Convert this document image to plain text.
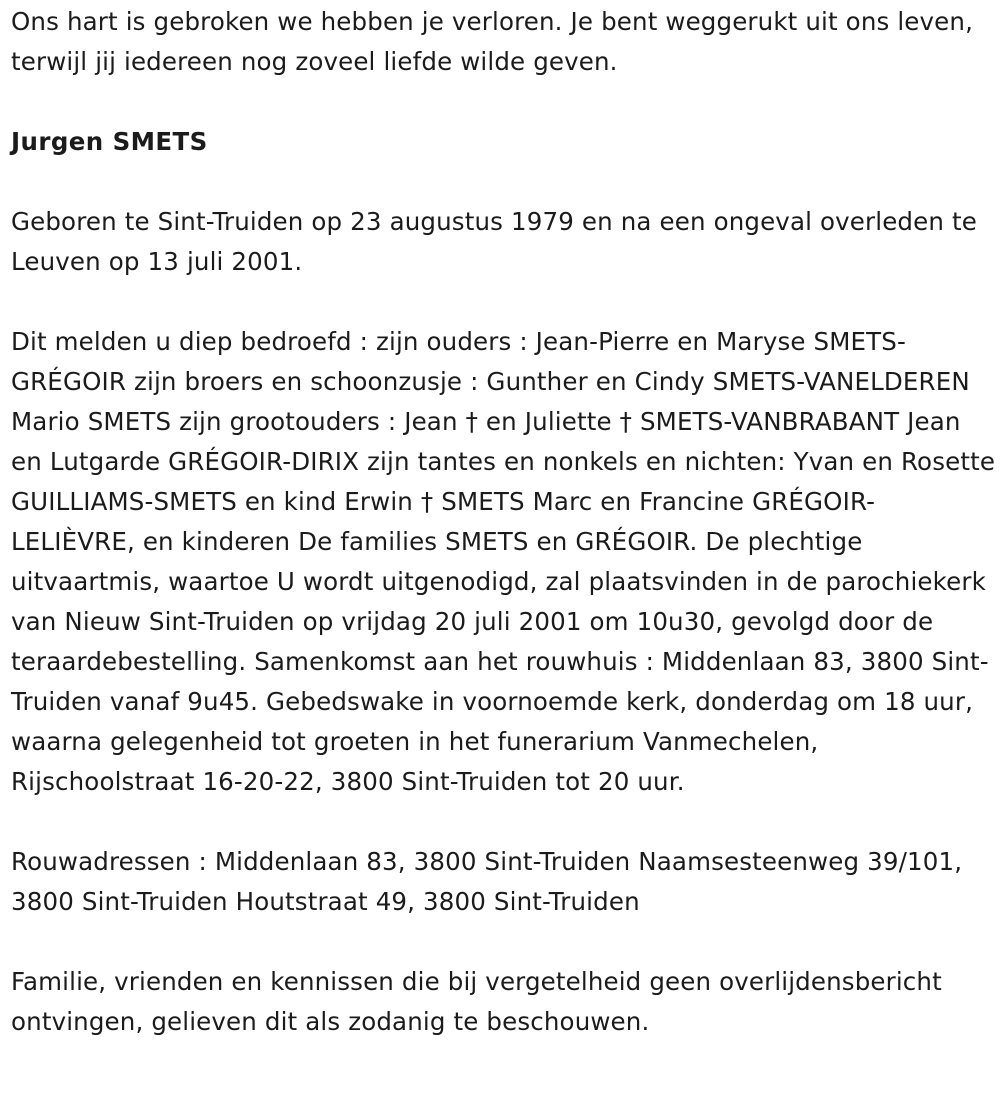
Ons hart is gebroken we hebben je verloren. Je bent weggerukt uit ons leven, terwijl jij iedereen nog zoveel liefde wilde geven.

Jurgen SMETS

Geboren te Sint-Truiden op 23 augustus 1979 en na een ongeval overleden te Leuven op 13 juli 2001.

Dit melden u diep bedroefd : zijn ouders : Jean-Pierre en Maryse SMETS-GRÉGOIR zijn broers en schoonzusje : Gunther en Cindy SMETS-VANELDEREN Mario SMETS zijn grootouders : Jean † en Juliette † SMETS-VANBRABANT Jean en Lutgarde GRÉGOIR-DIRIX zijn tantes en nonkels en nichten: Yvan en Rosette GUILLIAMS-SMETS en kind Erwin † SMETS Marc en Francine GRÉGOIR-LELIÈVRE, en kinderen De families SMETS en GRÉGOIR. De plechtige uitvaartmis, waartoe U wordt uitgenodigd, zal plaatsvinden in de parochiekerk van Nieuw Sint-Truiden op vrijdag 20 juli 2001 om 10u30, gevolgd door de teraardebestelling. Samenkomst aan het rouwhuis : Middenlaan 83, 3800 Sint-Truiden vanaf 9u45. Gebedswake in voornoemde kerk, donderdag om 18 uur, waarna gelegenheid tot groeten in het funerarium Vanmechelen, Rijschoolstraat 16-20-22, 3800 Sint-Truiden tot 20 uur.

Rouwadressen : Middenlaan 83, 3800 Sint-Truiden Naamsesteenweg 39/101, 3800 Sint-Truiden Houtstraat 49, 3800 Sint-Truiden

Familie, vrienden en kennissen die bij vergetelheid geen overlijdensbericht ontvingen, gelieven dit als zodanig te beschouwen.
